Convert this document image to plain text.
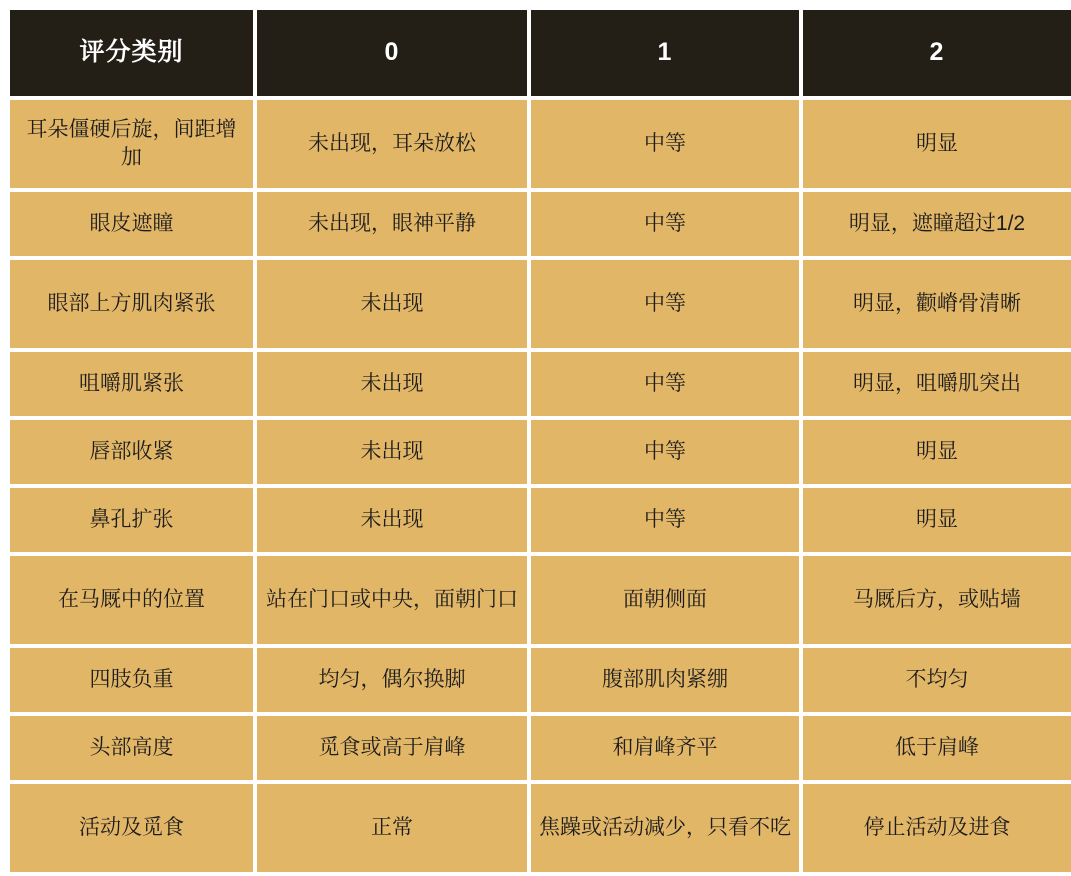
评分类别	0	1	2
耳朵僵硬后旋，间距增加	未出现，耳朵放松	中等	明显
眼皮遮瞳	未出现，眼神平静	中等	明显，遮瞳超过1/2
眼部上方肌肉紧张	未出现	中等	明显，颧嵴骨清晰
咀嚼肌紧张	未出现	中等	明显，咀嚼肌突出
唇部收紧	未出现	中等	明显
鼻孔扩张	未出现	中等	明显
在马厩中的位置	站在门口或中央，面朝门口	面朝侧面	马厩后方，或贴墙
四肢负重	均匀，偶尔换脚	腹部肌肉紧绷	不均匀
头部高度	觅食或高于肩峰	和肩峰齐平	低于肩峰
活动及觅食	正常	焦躁或活动减少，只看不吃	停止活动及进食
